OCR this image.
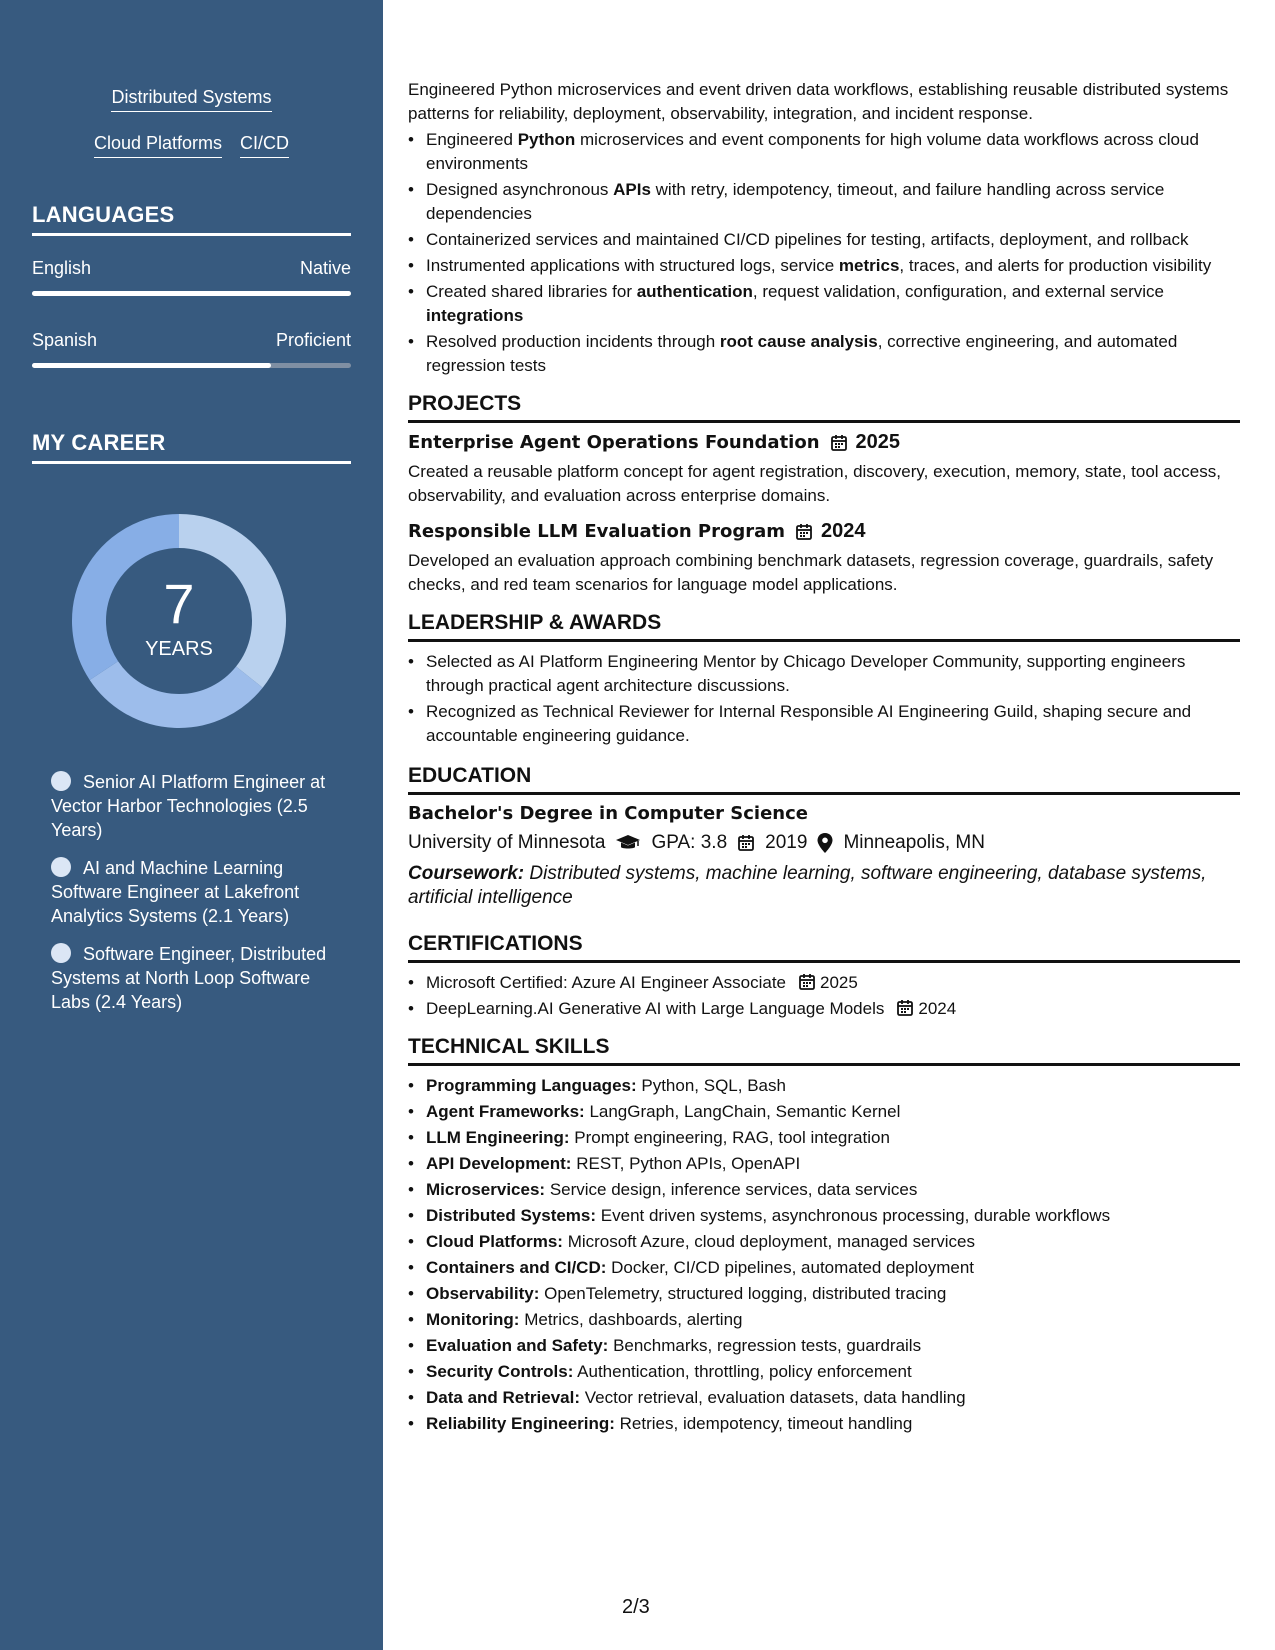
Distributed Systems
Cloud Platforms CI/CD
LANGUAGES
English	Native
Spanish	Proficient
MY CAREER
7
YEARS
Senior AI Platform Engineer at Vector Harbor Technologies (2.5 Years)
AI and Machine Learning Software Engineer at Lakefront Analytics Systems (2.1 Years)
Software Engineer, Distributed Systems at North Loop Software Labs (2.4 Years)

Engineered Python microservices and event driven data workflows, establishing reusable distributed systems patterns for reliability, deployment, observability, integration, and incident response.

• Engineered Python microservices and event components for high volume data workflows across cloud environments
• Designed asynchronous APIs with retry, idempotency, timeout, and failure handling across service dependencies
• Containerized services and maintained CI/CD pipelines for testing, artifacts, deployment, and rollback
• Instrumented applications with structured logs, service metrics, traces, and alerts for production visibility
• Created shared libraries for authentication, request validation, configuration, and external service integrations
• Resolved production incidents through root cause analysis, corrective engineering, and automated regression tests
PROJECTS
Enterprise Agent Operations Foundation 2025
Created a reusable platform concept for agent registration, discovery, execution, memory, state, tool access, observability, and evaluation across enterprise domains.
Responsible LLM Evaluation Program 2024
Developed an evaluation approach combining benchmark datasets, regression coverage, guardrails, safety checks, and red team scenarios for language model applications.
LEADERSHIP & AWARDS
• Selected as AI Platform Engineering Mentor by Chicago Developer Community, supporting engineers through practical agent architecture discussions.
• Recognized as Technical Reviewer for Internal Responsible AI Engineering Guild, shaping secure and accountable engineering guidance.
EDUCATION
Bachelor's Degree in Computer Science
University of Minnesota GPA: 3.8 2019 Minneapolis, MN
Coursework: Distributed systems, machine learning, software engineering, database systems, artificial intelligence
CERTIFICATIONS
• Microsoft Certified: Azure AI Engineer Associate 2025
• DeepLearning.AI Generative AI with Large Language Models 2024
TECHNICAL SKILLS
• Programming Languages: Python, SQL, Bash
• Agent Frameworks: LangGraph, LangChain, Semantic Kernel
• LLM Engineering: Prompt engineering, RAG, tool integration
• API Development: REST, Python APIs, OpenAPI
• Microservices: Service design, inference services, data services
• Distributed Systems: Event driven systems, asynchronous processing, durable workflows
• Cloud Platforms: Microsoft Azure, cloud deployment, managed services
• Containers and CI/CD: Docker, CI/CD pipelines, automated deployment
• Observability: OpenTelemetry, structured logging, distributed tracing
• Monitoring: Metrics, dashboards, alerting
• Evaluation and Safety: Benchmarks, regression tests, guardrails
• Security Controls: Authentication, throttling, policy enforcement
• Data and Retrieval: Vector retrieval, evaluation datasets, data handling
• Reliability Engineering: Retries, idempotency, timeout handling
2/3
